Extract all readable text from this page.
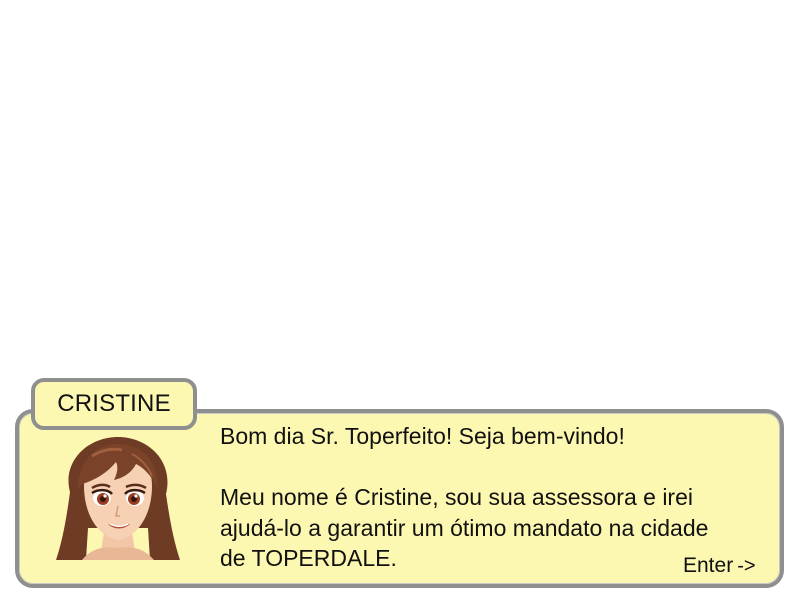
CRISTINE

Bom dia Sr. Toperfeito! Seja bem-vindo!

Meu nome é Cristine, sou sua assessora e irei
ajudá-lo a garantir um ótimo mandato na cidade
de TOPERDALE.	Enter ->
